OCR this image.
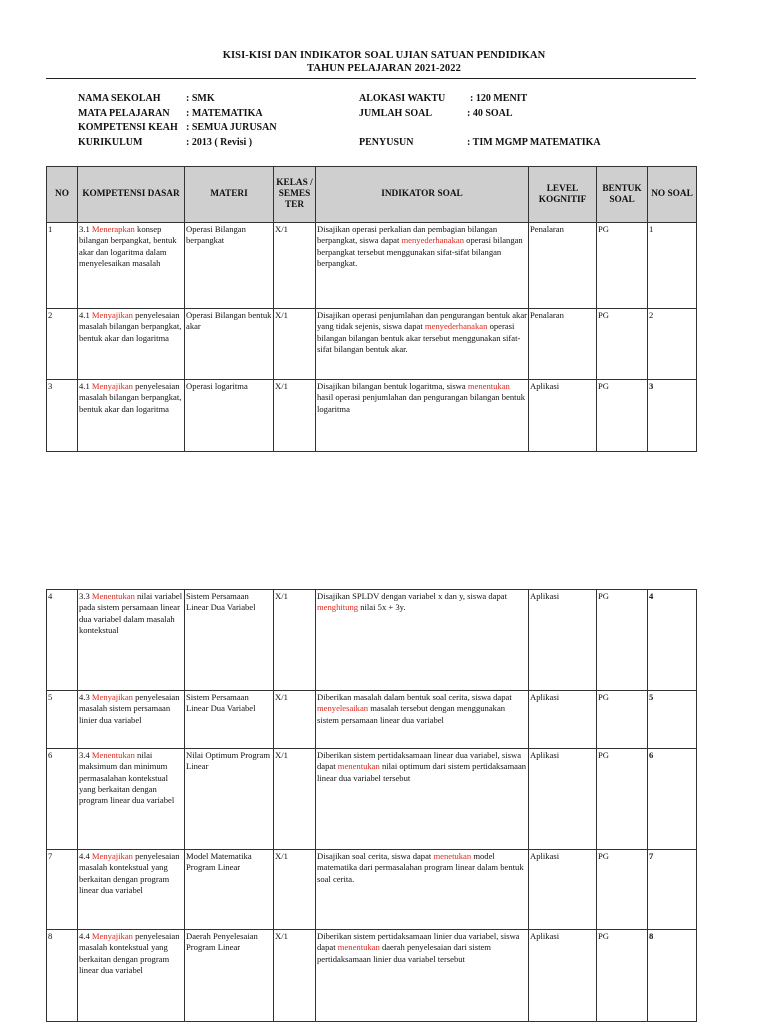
KISI-KISI DAN INDIKATOR SOAL UJIAN SATUAN PENDIDIKAN
TAHUN PELAJARAN 2021-2022
NAMA SEKOLAH	: SMK
MATA PELAJARAN : MATEMATIKA
KOMPETENSI KEAH : SEMUA JURUSAN
KURIKULUM	: 2013 ( Revisi )
ALOKASI WAKTU : 120 MENIT
JUMLAH SOAL	: 40 SOAL
PENYUSUN	: TIM MGMP MATEMATIKA
NO	KOMPETENSI DASAR	MATERI	KELAS / SEMES TER	INDIKATOR SOAL	LEVEL KOGNITIF	BENTUK SOAL	NO SOAL
1	3.1 Menerapkan konsep bilangan berpangkat, bentuk akar dan logaritma dalam menyelesaikan masalah	Operasi Bilangan berpangkat	X/1	Disajikan operasi perkalian dan pembagian bilangan berpangkat, siswa dapat menyederhanakan operasi bilangan berpangkat tersebut menggunakan sifat-sifat bilangan berpangkat.	Penalaran	PG	1
2	4.1 Menyajikan penyelesaian masalah bilangan berpangkat, bentuk akar dan logaritma	Operasi Bilangan bentuk akar	X/1	Disajikan operasi penjumlahan dan pengurangan bentuk akar yang tidak sejenis, siswa dapat menyederhanakan operasi bilangan bilangan bentuk akar tersebut menggunakan sifat-sifat bilangan bentuk akar.	Penalaran	PG	2
3	4.1 Menyajikan penyelesaian masalah bilangan berpangkat, bentuk akar dan logaritma	Operasi logaritma	X/1	Disajikan bilangan bentuk logaritma, siswa menentukan hasil operasi penjumlahan dan pengurangan bilangan bentuk logaritma	Aplikasi	PG	3
4	3.3 Menentukan nilai variabel pada sistem persamaan linear dua variabel dalam masalah kontekstual	Sistem Persamaan Linear Dua Variabel	X/1	Disajikan SPLDV dengan variabel x dan y, siswa dapat menghitung nilai 5x + 3y.	Aplikasi	PG	4
5	4.3 Menyajikan penyelesaian masalah sistem persamaan linier dua variabel	Sistem Persamaan Linear Dua Variabel	X/1	Diberikan masalah dalam bentuk soal cerita, siswa dapat menyelesaikan masalah tersebut dengan menggunakan sistem persamaan linear dua variabel	Aplikasi	PG	5
6	3.4 Menentukan nilai maksimum dan minimum permasalahan kontekstual yang berkaitan dengan program linear dua variabel	Nilai Optimum Program Linear	X/1	Diberikan sistem pertidaksamaan linear dua variabel, siswa dapat menentukan nilai optimum dari sistem pertidaksamaan linear dua variabel tersebut	Aplikasi	PG	6
7	4.4 Menyajikan penyelesaian masalah kontekstual yang berkaitan dengan program linear dua variabel	Model Matematika Program Linear	X/1	Disajikan soal cerita, siswa dapat menetukan model matematika dari permasalahan program linear dalam bentuk soal cerita.	Aplikasi	PG	7
8	4.4 Menyajikan penyelesaian masalah kontekstual yang berkaitan dengan program linear dua variabel	Daerah Penyelesaian Program Linear	X/1	Diberikan sistem pertidaksamaan linier dua variabel, siswa dapat menentukan daerah penyelesaian dari sistem pertidaksamaan linier dua variabel tersebut	Aplikasi	PG	8
